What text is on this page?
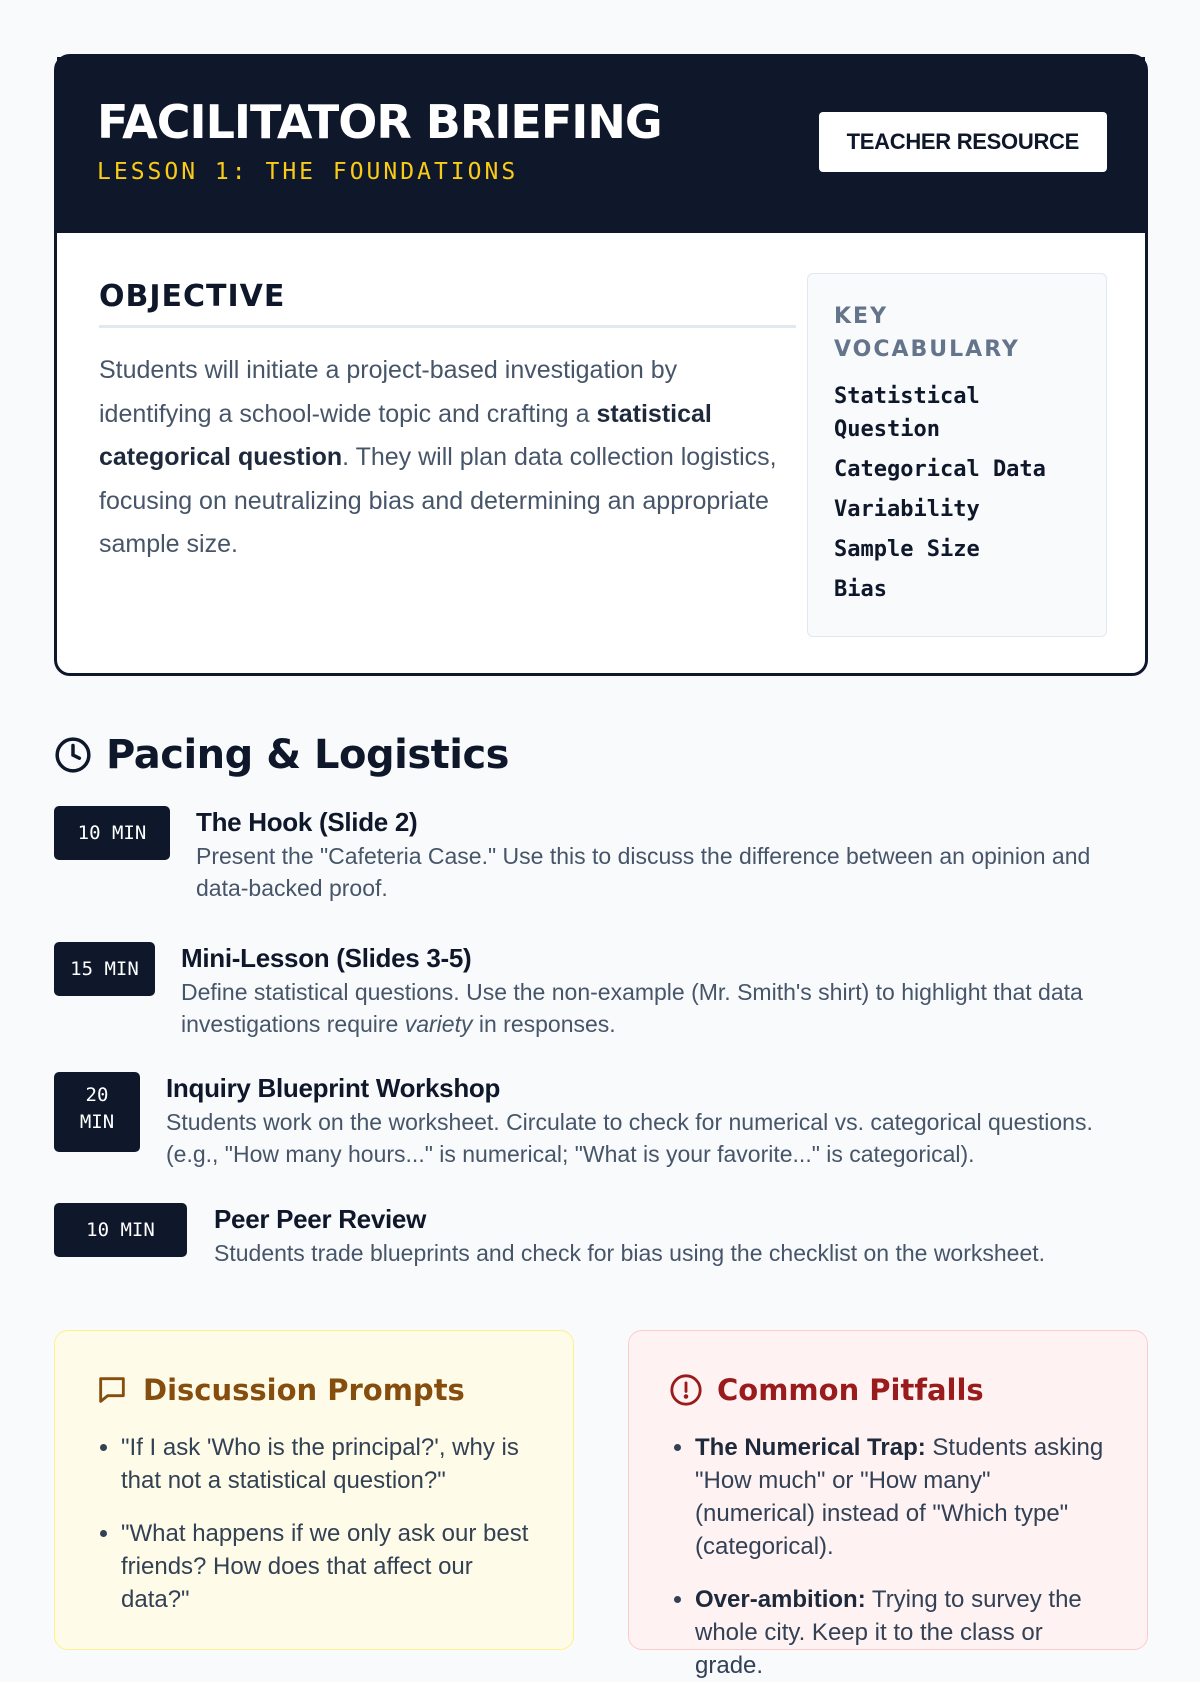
FACILITATOR BRIEFING
LESSON 1: THE FOUNDATIONS
TEACHER RESOURCE
OBJECTIVE

Students will initiate a project-based investigation by identifying a school-wide topic and crafting a statistical categorical question. They will plan data collection logistics, focusing on neutralizing bias and determining an appropriate sample size.

KEY VOCABULARY
Statistical Question
Categorical Data
Variability
Sample Size
Bias
Pacing & Logistics
10 MIN	The Hook (Slide 2)
Present the "Cafeteria Case." Use this to discuss the difference between an opinion and data-backed proof.
15 MIN	Mini-Lesson (Slides 3-5)
Define statistical questions. Use the non-example (Mr. Smith's shirt) to highlight that data investigations require variety in responses.
20 MIN
Inquiry Blueprint Workshop
Students work on the worksheet. Circulate to check for numerical vs. categorical questions. (e.g., "How many hours..." is numerical; "What is your favorite..." is categorical).
10 MIN	Peer Peer Review
Students trade blueprints and check for bias using the checklist on the worksheet.
Discussion Prompts
• "If I ask 'Who is the principal?', why is that not a statistical question?"
• "What happens if we only ask our best friends? How does that affect our data?"
Common Pitfalls
• The Numerical Trap: Students asking "How much" or "How many" (numerical) instead of "Which type" (categorical).
• Over-ambition: Trying to survey the whole city. Keep it to the class or grade.
